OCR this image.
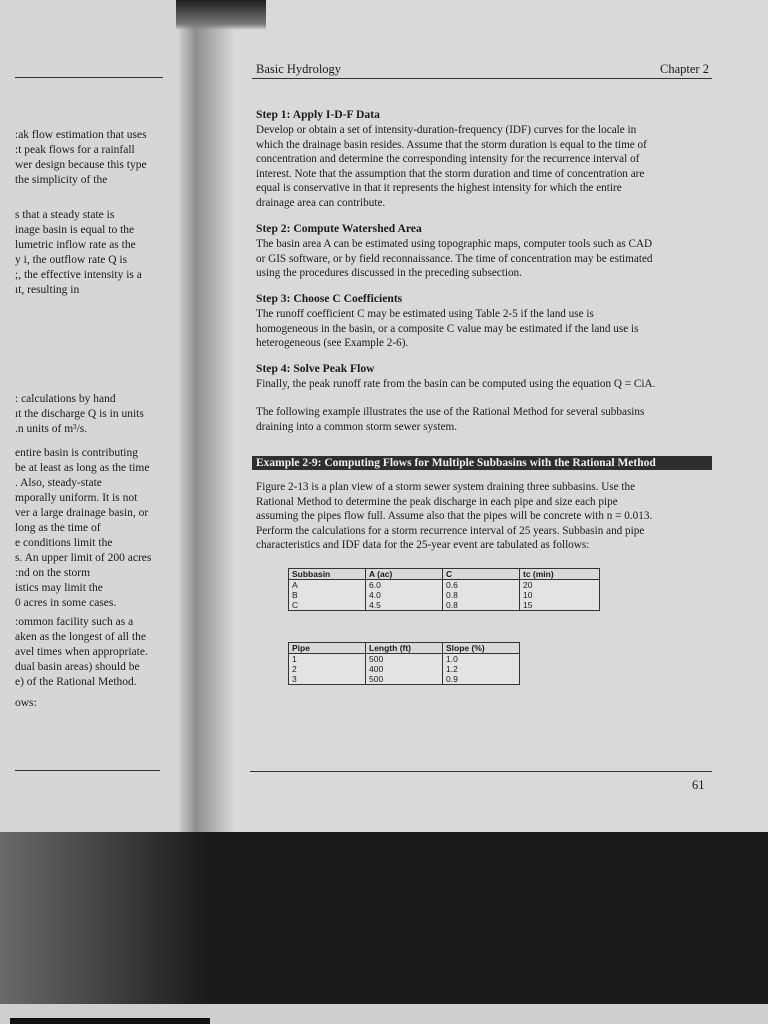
:ak flow estimation that uses
:t peak flows for a rainfall
wer design because this type
the simplicity of the
s that a steady state is
inage basin is equal to the
lumetric inflow rate as the
y i, the outflow rate Q is
;, the effective intensity is a
ıt, resulting in
: calculations by hand
ıt the discharge Q is in units
.n units of m³/s.
entire basin is contributing
be at least as long as the time
. Also, steady-state
mporally uniform. It is not
ver a large drainage basin, or
long as the time of
e conditions limit the
s. An upper limit of 200 acres
:nd on the storm
istics may limit the
0 acres in some cases.
:ommon facility such as a
aken as the longest of all the
avel times when appropriate.
dual basin areas) should be
e) of the Rational Method.
ows:
Basic Hydrology	Chapter 2
Step 1: Apply I-D-F Data
Develop or obtain a set of intensity-duration-frequency (IDF) curves for the locale in
which the drainage basin resides. Assume that the storm duration is equal to the time of
concentration and determine the corresponding intensity for the recurrence interval of
interest. Note that the assumption that the storm duration and time of concentration are
equal is conservative in that it represents the highest intensity for which the entire
drainage area can contribute.
Step 2: Compute Watershed Area
The basin area A can be estimated using topographic maps, computer tools such as CAD
or GIS software, or by field reconnaissance. The time of concentration may be estimated
using the procedures discussed in the preceding subsection.
Step 3: Choose C Coefficients
The runoff coefficient C may be estimated using Table 2-5 if the land use is
homogeneous in the basin, or a composite C value may be estimated if the land use is
heterogeneous (see Example 2-6).
Step 4: Solve Peak Flow
Finally, the peak runoff rate from the basin can be computed using the equation Q = CiA.
The following example illustrates the use of the Rational Method for several subbasins
draining into a common storm sewer system.
Example 2-9: Computing Flows for Multiple Subbasins with the Rational Method
Figure 2-13 is a plan view of a storm sewer system draining three subbasins. Use the
Rational Method to determine the peak discharge in each pipe and size each pipe
assuming the pipes flow full. Assume also that the pipes will be concrete with n = 0.013.
Perform the calculations for a storm recurrence interval of 25 years. Subbasin and pipe
characteristics and IDF data for the 25-year event are tabulated as follows:
Subbasin	A (ac)	C	tc (min)
A	6.0	0.6	20
B	4.0	0.8	10
C	4.5	0.8	15
Pipe	Length (ft)	Slope (%)
1	500	1.0
2	400	1.2
3	500	0.9
61
